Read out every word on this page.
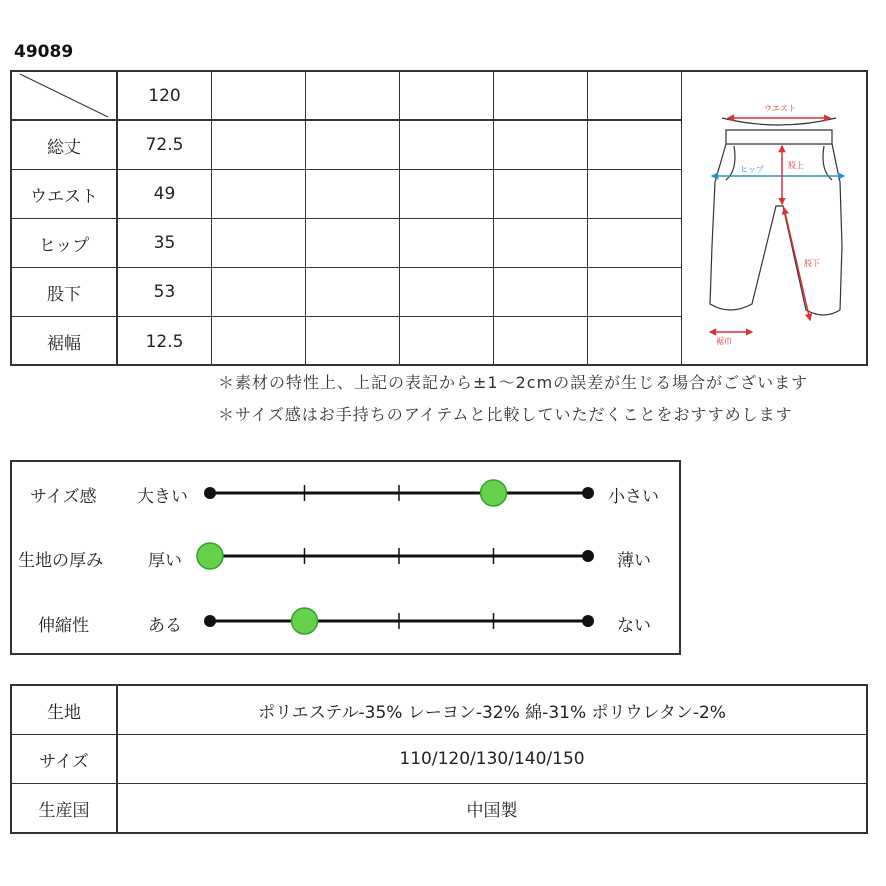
49089
120
総丈	72.5
ウエスト	49
ヒップ	35
股下	53
裾幅	12.5
ウエスト
ヒップ	股上
股下
裾巾
＊素材の特性上、上記の表記から±1～2cmの誤差が生じる場合がございます
＊サイズ感はお手持ちのアイテムと比較していただくことをおすすめします
サイズ感 大きい	小さい
生地の厚み	厚い	薄い
伸縮性	ある	ない
生地	ポリエステル-35% レーヨン-32% 綿-31% ポリウレタン-2%
サイズ	110/120/130/140/150
生産国	中国製
